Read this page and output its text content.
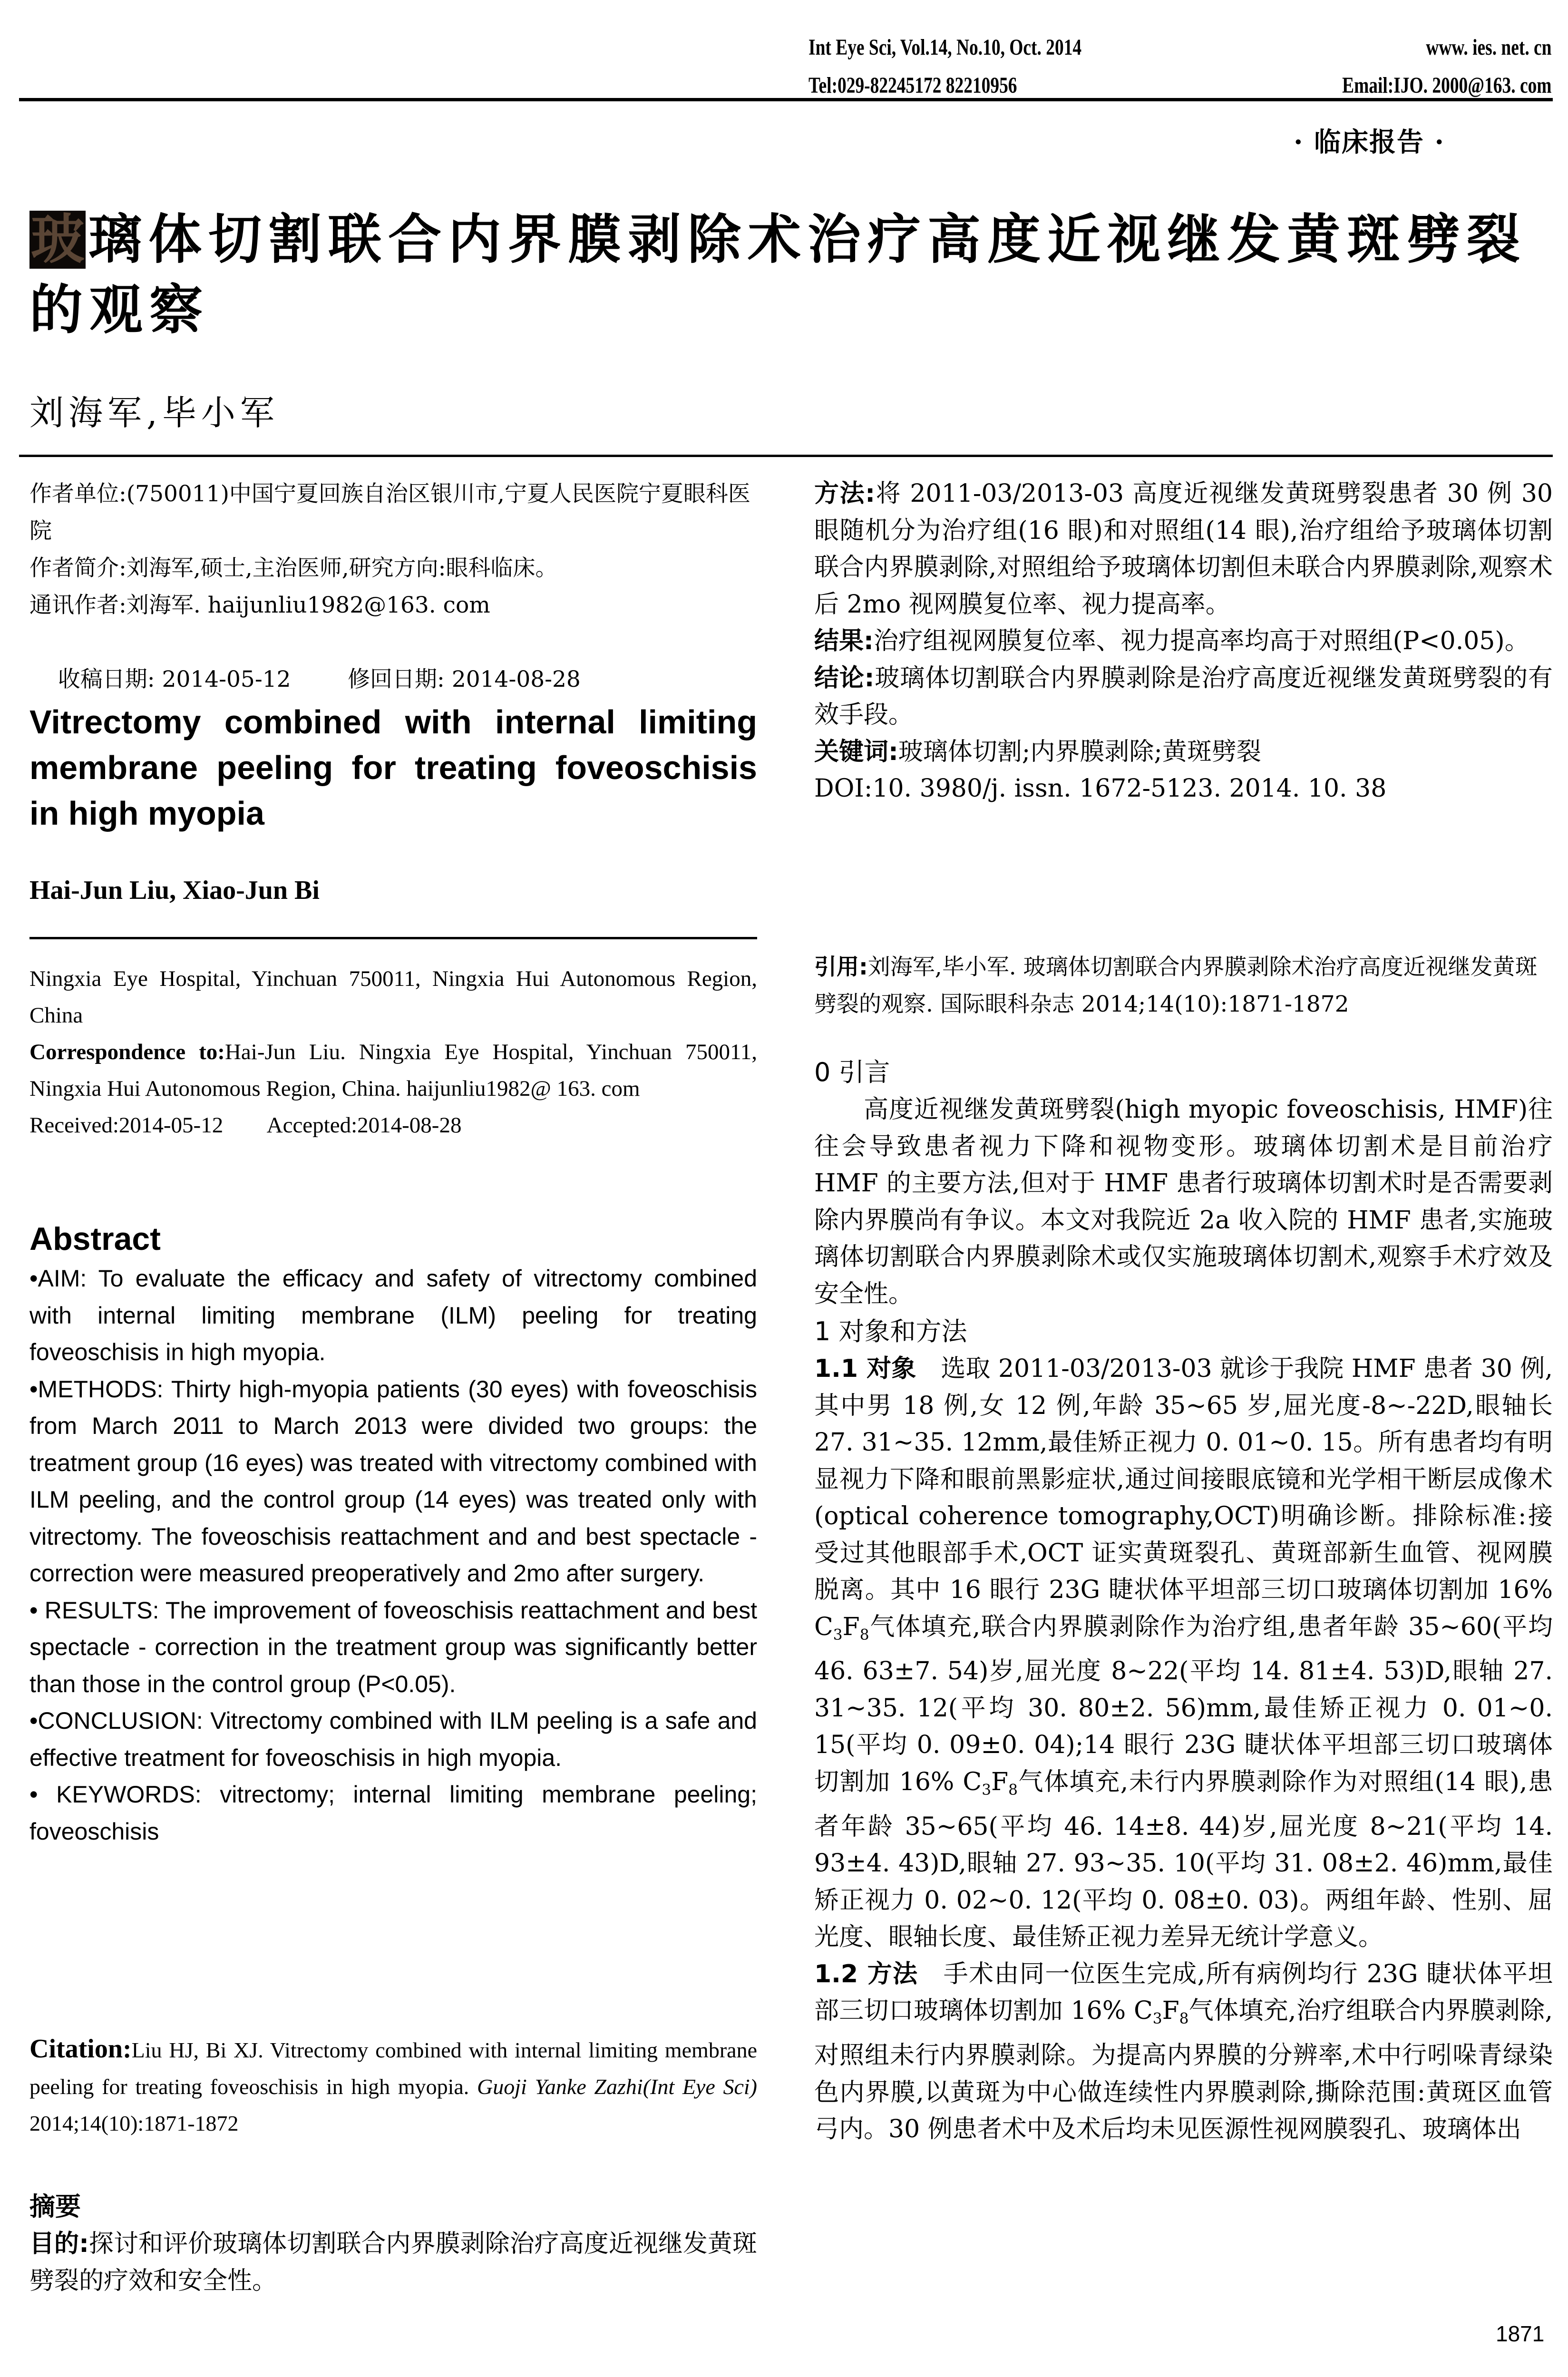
Int Eye Sci, Vol.14, No.10, Oct. 2014	www. ies. net. cn
Tel:029-82245172 82210956	Email:IJO. 2000@163. com
· 临床报告 ·
玻璃体切割联合内界膜剥除术治疗高度近视继发黄斑劈裂的观察
刘海军,毕小军
作者单位:(750011)中国宁夏回族自治区银川市,宁夏人民医院宁夏眼科医院
作者简介:刘海军,硕士,主治医师,研究方向:眼科临床。
通讯作者:刘海军. haijunliu1982@163. com

收稿日期: 2014-05-12	修回日期: 2014-08-28

Vitrectomy combined with internal limiting membrane peeling for treating foveoschisis in high myopia
Hai-Jun Liu, Xiao-Jun Bi

Ningxia Eye Hospital, Yinchuan 750011, Ningxia Hui Autonomous Region, China

Correspondence to:Hai-Jun Liu. Ningxia Eye Hospital, Yinchuan 750011, Ningxia Hui Autonomous Region, China. haijunliu1982@ 163. com

Received:2014-05-12 Accepted:2014-08-28

Abstract

•AIM: To evaluate the efficacy and safety of vitrectomy combined with internal limiting membrane (ILM) peeling for treating foveoschisis in high myopia.

•METHODS: Thirty high-myopia patients (30 eyes) with foveoschisis from March 2011 to March 2013 were divided two groups: the treatment group (16 eyes) was treated with vitrectomy combined with ILM peeling, and the control group (14 eyes) was treated only with vitrectomy. The foveoschisis reattachment and and best spectacle - correction were measured preoperatively and 2mo after surgery.

• RESULTS: The improvement of foveoschisis reattachment and best spectacle - correction in the treatment group was significantly better than those in the control group (P<0.05).

•CONCLUSION: Vitrectomy combined with ILM peeling is a safe and effective treatment for foveoschisis in high myopia.

• KEYWORDS: vitrectomy; internal limiting membrane peeling; foveoschisis

Citation:Liu HJ, Bi XJ. Vitrectomy combined with internal limiting membrane peeling for treating foveoschisis in high myopia. Guoji Yanke Zazhi(Int Eye Sci) 2014;14(10):1871-1872
摘要

目的:探讨和评价玻璃体切割联合内界膜剥除治疗高度近视继发黄斑劈裂的疗效和安全性。

方法:将 2011-03/2013-03 高度近视继发黄斑劈裂患者 30 例 30 眼随机分为治疗组(16 眼)和对照组(14 眼),治疗组给予玻璃体切割联合内界膜剥除,对照组给予玻璃体切割但未联合内界膜剥除,观察术后 2mo 视网膜复位率、视力提高率。

结果:治疗组视网膜复位率、视力提高率均高于对照组(P<0.05)。

结论:玻璃体切割联合内界膜剥除是治疗高度近视继发黄斑劈裂的有效手段。

关键词:玻璃体切割;内界膜剥除;黄斑劈裂

DOI:10. 3980/j. issn. 1672-5123. 2014. 10. 38

引用:刘海军,毕小军. 玻璃体切割联合内界膜剥除术治疗高度近视继发黄斑劈裂的观察. 国际眼科杂志 2014;14(10):1871-1872
0 引言

高度近视继发黄斑劈裂(high myopic foveoschisis, HMF)往往会导致患者视力下降和视物变形。玻璃体切割术是目前治疗 HMF 的主要方法,但对于 HMF 患者行玻璃体切割术时是否需要剥除内界膜尚有争议。本文对我院近 2a 收入院的 HMF 患者,实施玻璃体切割联合内界膜剥除术或仅实施玻璃体切割术,观察手术疗效及安全性。

1 对象和方法

1.1 对象　 选取 2011-03/2013-03 就诊于我院 HMF 患者 30 例,其中男 18 例,女 12 例,年龄 35~65 岁,屈光度-8~-22D,眼轴长 27. 31~35. 12mm,最佳矫正视力 0. 01~0. 15。所有患者均有明显视力下降和眼前黑影症状,通过间接眼底镜和光学相干断层成像术(optical coherence tomography,OCT)明确诊断。排除标准:接受过其他眼部手术,OCT 证实黄斑裂孔、黄斑部新生血管、视网膜脱离。其中 16 眼行 23G 睫状体平坦部三切口玻璃体切割加 16% $C_3F_8$气体填充,联合内界膜剥除作为治疗组,患者年龄 35~60(平均 46. 63±7. 54)岁,屈光度 8~22(平均 14. 81±4. 53)D,眼轴 27. 31~35. 12(平均 30. 80±2. 56)mm,最佳矫正视力 0. 01~0. 15(平均 0. 09±0. 04);14 眼行 23G 睫状体平坦部三切口玻璃体切割加 16% $C_3F_8$气体填充,未行内界膜剥除作为对照组(14 眼),患者年龄 35~65(平均 46. 14±8. 44)岁,屈光度 8~21(平均 14. 93±4. 43)D,眼轴 27. 93~35. 10(平均 31. 08±2. 46)mm,最佳矫正视力 0. 02~0. 12(平均 0. 08±0. 03)。两组年龄、性别、屈光度、眼轴长度、最佳矫正视力差异无统计学意义。

1.2 方法　 手术由同一位医生完成,所有病例均行 23G 睫状体平坦部三切口玻璃体切割加 16% $C_3F_8$气体填充,治疗组联合内界膜剥除,对照组未行内界膜剥除。为提高内界膜的分辨率,术中行吲哚青绿染色内界膜,以黄斑为中心做连续性内界膜剥除,撕除范围:黄斑区血管弓内。30 例患者术中及术后均未见医源性视网膜裂孔、玻璃体出

1871
